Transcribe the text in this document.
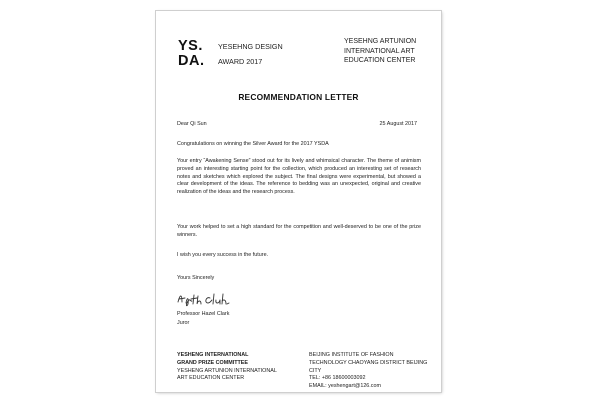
YS.
DA.
YESEHNG DESIGN
AWARD 2017
YESEHNG ARTUNION
INTERNATIONAL ART
EDUCATION CENTER
RECOMMENDATION LETTER
Dear Qi Sun	25 August 2017
Congratulations on winning the Silver Award for the 2017 YSDA
Your entry “Awakening Sense” stood out for its lively and whimsical character. The theme of animism proved an interesting starting point for the collection, which produced an interesting set of research notes and sketches which explored the subject. The final designs were experimental, but showed a clear development of the ideas. The reference to bedding was an unexpected, original and creative realization of the ideas and the research process.
Your work helped to set a high standard for the competition and well-deserved to be one of the prize winners.
I wish you every success in the future.
Yours Sincerely
Professor Hazel Clark
Juror
YESHENG INTERNATIONAL
GRAND PRIZE COMMITTEE
YESHENG ARTUNION INTERNATIONAL
ART EDUCATION CENTER
BEIJING INSTITUTE OF FASHION
TECHNOLOGY CHAOYANG DISTRICT BEIJING
CITY
TEL: +86 18600003092
EMAIL: yeshengart@126.com
